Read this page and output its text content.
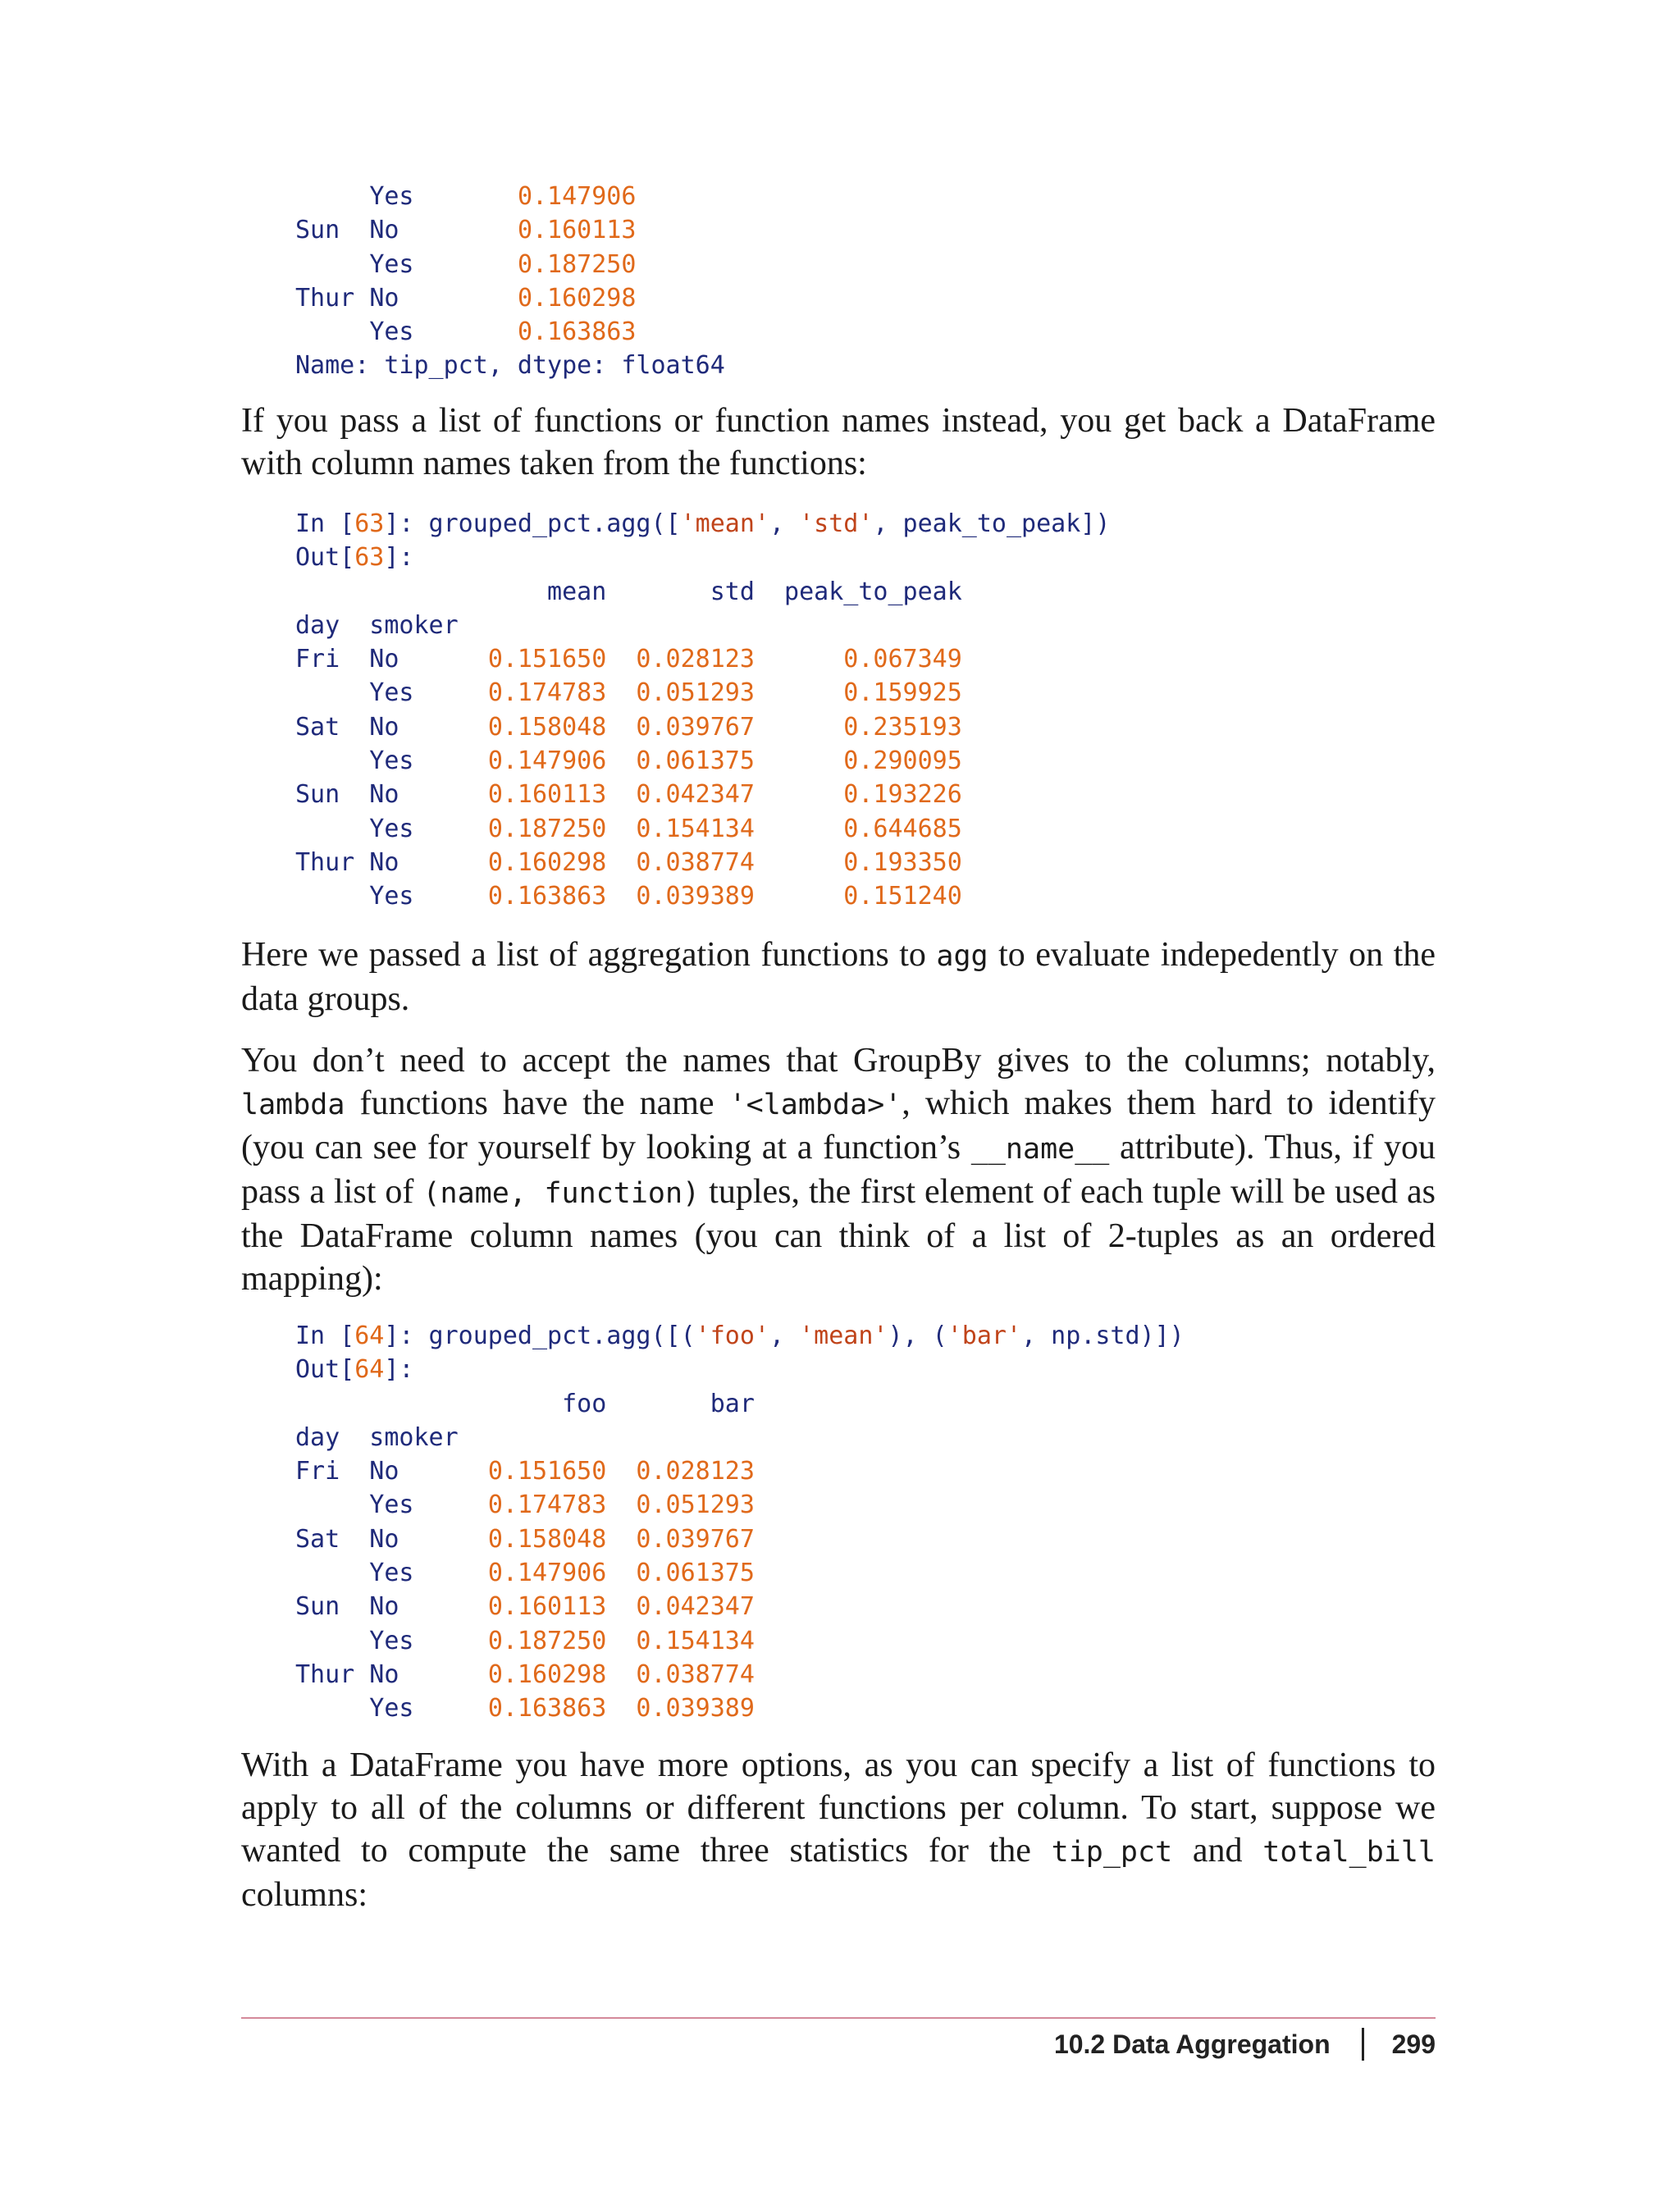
Yes       0.147906
Sun  No        0.160113
Yes       0.187250
Thur No        0.160298
Yes       0.163863
Name: tip_pct, dtype: float64

If you pass a list of functions or function names instead, you get back a DataFrame with column names taken from the functions:

In [63]: grouped_pct.agg(['mean', 'std', peak_to_peak])
Out[63]:
mean       std  peak_to_peak
day  smoker
Fri  No      0.151650  0.028123      0.067349
Yes     0.174783  0.051293      0.159925
Sat  No      0.158048  0.039767      0.235193
Yes     0.147906  0.061375      0.290095
Sun  No      0.160113  0.042347      0.193226
Yes     0.187250  0.154134      0.644685
Thur No      0.160298  0.038774      0.193350
Yes     0.163863  0.039389      0.151240

Here we passed a list of aggregation functions to agg to evaluate indepedently on the data groups.

You don’t need to accept the names that GroupBy gives to the columns; notably, lambda functions have the name '<lambda>', which makes them hard to identify (you can see for yourself by looking at a function’s __name__ attribute). Thus, if you pass a list of (name, function) tuples, the first element of each tuple will be used as the DataFrame column names (you can think of a list of 2-tuples as an ordered mapping):

In [64]: grouped_pct.agg([('foo', 'mean'), ('bar', np.std)])
Out[64]:
foo       bar
day  smoker
Fri  No      0.151650  0.028123
Yes     0.174783  0.051293
Sat  No      0.158048  0.039767
Yes     0.147906  0.061375
Sun  No      0.160113  0.042347
Yes     0.187250  0.154134
Thur No      0.160298  0.038774
Yes     0.163863  0.039389

With a DataFrame you have more options, as you can specify a list of functions to apply to all of the columns or different functions per column. To start, suppose we wanted to compute the same three statistics for the tip_pct and total_bill columns:

10.2 Data Aggregation 299
